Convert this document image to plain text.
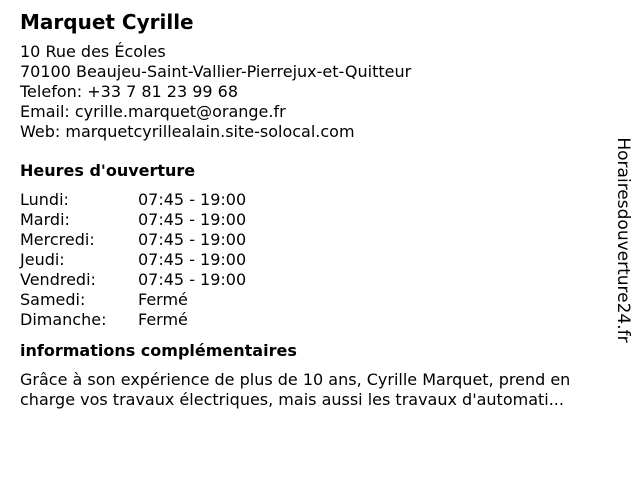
Marquet Cyrille
10 Rue des Écoles
70100 Beaujeu-Saint-Vallier-Pierrejux-et-Quitteur
Telefon: +33 7 81 23 99 68
Email: cyrille.marquet@orange.fr
Web: marquetcyrillealain.site-solocal.com
Heures d'ouverture
Lundi:	07:45 - 19:00
Mardi:	07:45 - 19:00
Mercredi:	07:45 - 19:00
Jeudi:	07:45 - 19:00
Vendredi:	07:45 - 19:00
Samedi:	Fermé
Dimanche:	Fermé
informations complémentaires
Grâce à son expérience de plus de 10 ans, Cyrille Marquet, prend en charge vos travaux électriques, mais aussi les travaux d'automati...
Horairesdouverture24.fr
